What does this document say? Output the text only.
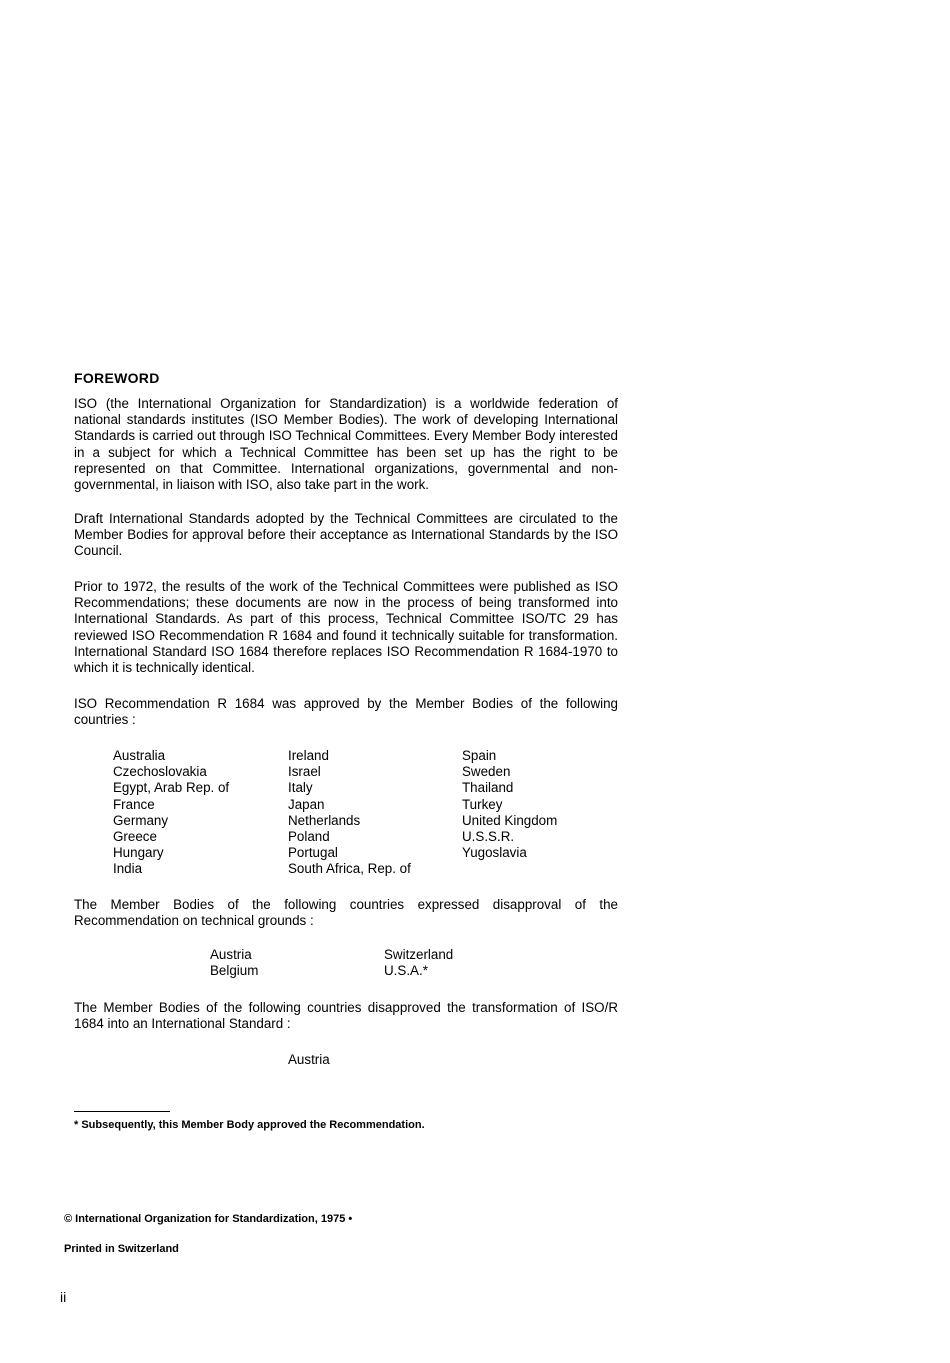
FOREWORD
ISO (the International Organization for Standardization) is a worldwide federation of national standards institutes (ISO Member Bodies). The work of developing International Standards is carried out through ISO Technical Committees. Every Member Body interested in a subject for which a Technical Committee has been set up has the right to be represented on that Committee. International organizations, governmental and non-governmental, in liaison with ISO, also take part in the work.
Draft International Standards adopted by the Technical Committees are circulated to the Member Bodies for approval before their acceptance as International Standards by the ISO Council.
Prior to 1972, the results of the work of the Technical Committees were published as ISO Recommendations; these documents are now in the process of being transformed into International Standards. As part of this process, Technical Committee ISO/TC 29 has reviewed ISO Recommendation R 1684 and found it technically suitable for transformation. International Standard ISO 1684 therefore replaces ISO Recommendation R 1684-1970 to which it is technically identical.
ISO Recommendation R 1684 was approved by the Member Bodies of the following countries :
Australia
Czechoslovakia
Egypt, Arab Rep. of
France
Germany
Greece
Hungary
India
Ireland
Israel
Italy
Japan
Netherlands
Poland
Portugal
South Africa, Rep. of
Spain
Sweden
Thailand
Turkey
United Kingdom
U.S.S.R.
Yugoslavia
The Member Bodies of the following countries expressed disapproval of the Recommendation on technical grounds :
Austria
Belgium
Switzerland
U.S.A.*
The Member Bodies of the following countries disapproved the transformation of ISO/R 1684 into an International Standard :
Austria
* Subsequently, this Member Body approved the Recommendation.
© International Organization for Standardization, 1975 •
Printed in Switzerland
ii
